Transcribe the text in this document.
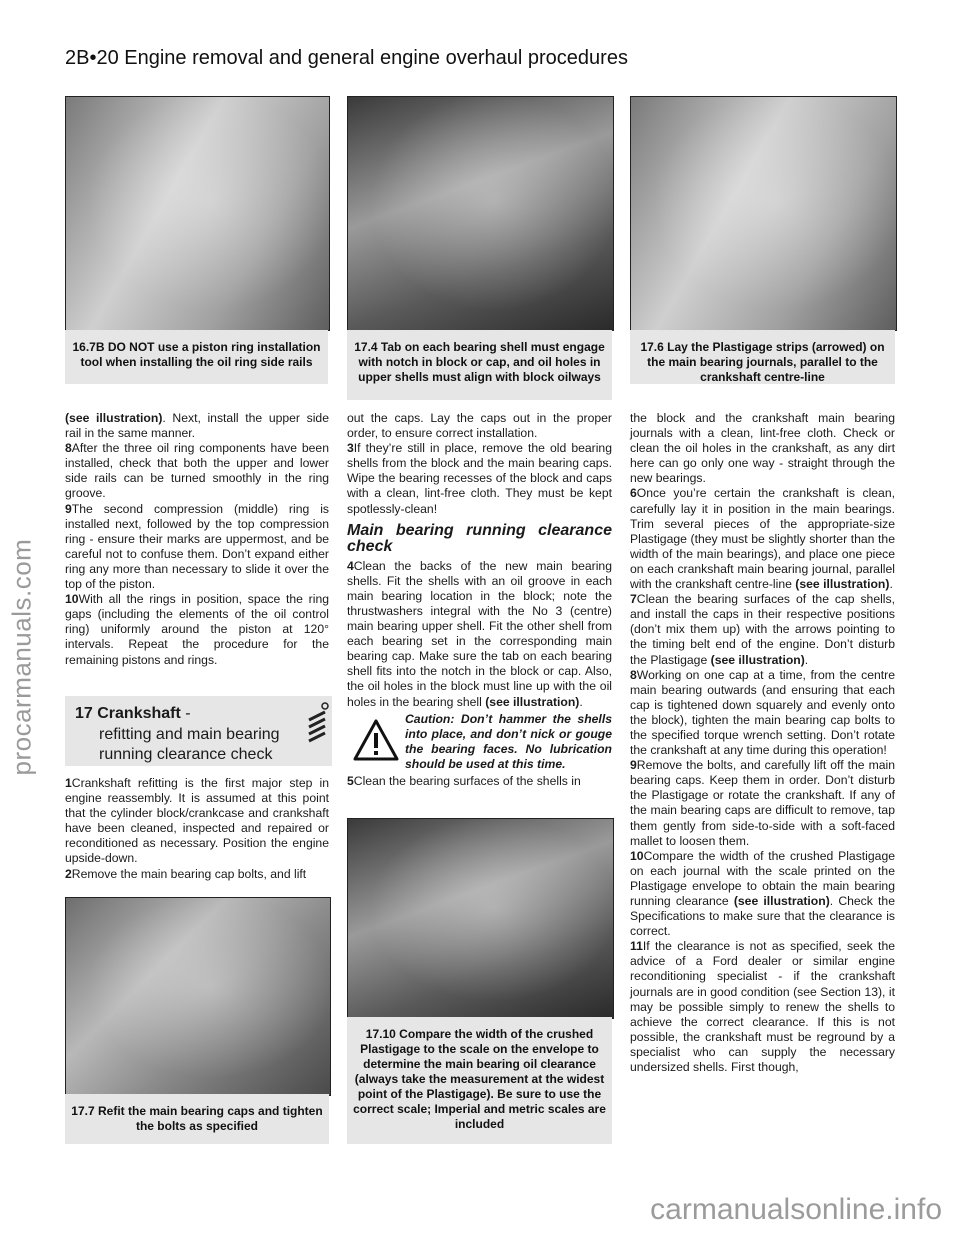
2B•20 Engine removal and general engine overhaul procedures
16.7B DO NOT use a piston ring installation tool when installing the oil ring side rails
17.4 Tab on each bearing shell must engage with notch in block or cap, and oil holes in upper shells must align with block oilways
17.6 Lay the Plastigage strips (arrowed) on the main bearing journals, parallel to the crankshaft centre-line

(see illustration). Next, install the upper side rail in the same manner.

8After the three oil ring components have been installed, check that both the upper and lower side rails can be turned smoothly in the ring groove.

9The second compression (middle) ring is installed next, followed by the top compression ring - ensure their marks are uppermost, and be careful not to confuse them. Don’t expand either ring any more than necessary to slide it over the top of the piston.

10With all the rings in position, space the ring gaps (including the elements of the oil control ring) uniformly around the piston at 120° intervals. Repeat the procedure for the remaining pistons and rings.

17 Crankshaft -
refitting and main bearing running clearance check

1Crankshaft refitting is the first major step in engine reassembly. It is assumed at this point that the cylinder block/crankcase and crankshaft have been cleaned, inspected and repaired or reconditioned as necessary. Position the engine upside-down.

2Remove the main bearing cap bolts, and lift

17.7 Refit the main bearing caps and tighten the bolts as specified

out the caps. Lay the caps out in the proper order, to ensure correct installation.

3If they’re still in place, remove the old bearing shells from the block and the main bearing caps. Wipe the bearing recesses of the block and caps with a clean, lint-free cloth. They must be kept spotlessly-clean!

Main bearing running clearance check

4Clean the backs of the new main bearing shells. Fit the shells with an oil groove in each main bearing location in the block; note the thrustwashers integral with the No 3 (centre) main bearing upper shell. Fit the other shell from each bearing set in the corresponding main bearing cap. Make sure the tab on each bearing shell fits into the notch in the block or cap. Also, the oil holes in the block must line up with the oil holes in the bearing shell (see illustration).

Caution: Don’t hammer the shells into place, and don’t nick or gouge the bearing faces. No lubrication should be used at this time.

5Clean the bearing surfaces of the shells in

17.10 Compare the width of the crushed Plastigage to the scale on the envelope to determine the main bearing oil clearance (always take the measurement at the widest point of the Plastigage). Be sure to use the correct scale; Imperial and metric scales are included

the block and the crankshaft main bearing journals with a clean, lint-free cloth. Check or clean the oil holes in the crankshaft, as any dirt here can go only one way - straight through the new bearings.

6Once you’re certain the crankshaft is clean, carefully lay it in position in the main bearings. Trim several pieces of the appropriate-size Plastigage (they must be slightly shorter than the width of the main bearings), and place one piece on each crankshaft main bearing journal, parallel with the crankshaft centre-line (see illustration).

7Clean the bearing surfaces of the cap shells, and install the caps in their respective positions (don’t mix them up) with the arrows pointing to the timing belt end of the engine. Don’t disturb the Plastigage (see illustration).

8Working on one cap at a time, from the centre main bearing outwards (and ensuring that each cap is tightened down squarely and evenly onto the block), tighten the main bearing cap bolts to the specified torque wrench setting. Don’t rotate the crankshaft at any time during this operation!

9Remove the bolts, and carefully lift off the main bearing caps. Keep them in order. Don’t disturb the Plastigage or rotate the crankshaft. If any of the main bearing caps are difficult to remove, tap them gently from side-to-side with a soft-faced mallet to loosen them.

10Compare the width of the crushed Plastigage on each journal with the scale printed on the Plastigage envelope to obtain the main bearing running clearance (see illustration). Check the Specifications to make sure that the clearance is correct.

11If the clearance is not as specified, seek the advice of a Ford dealer or similar engine reconditioning specialist - if the crankshaft journals are in good condition (see Section 13), it may be possible simply to renew the shells to achieve the correct clearance. If this is not possible, the crankshaft must be reground by a specialist who can supply the necessary undersized shells. First though,

procarmanuals.com
carmanualsonline.info
